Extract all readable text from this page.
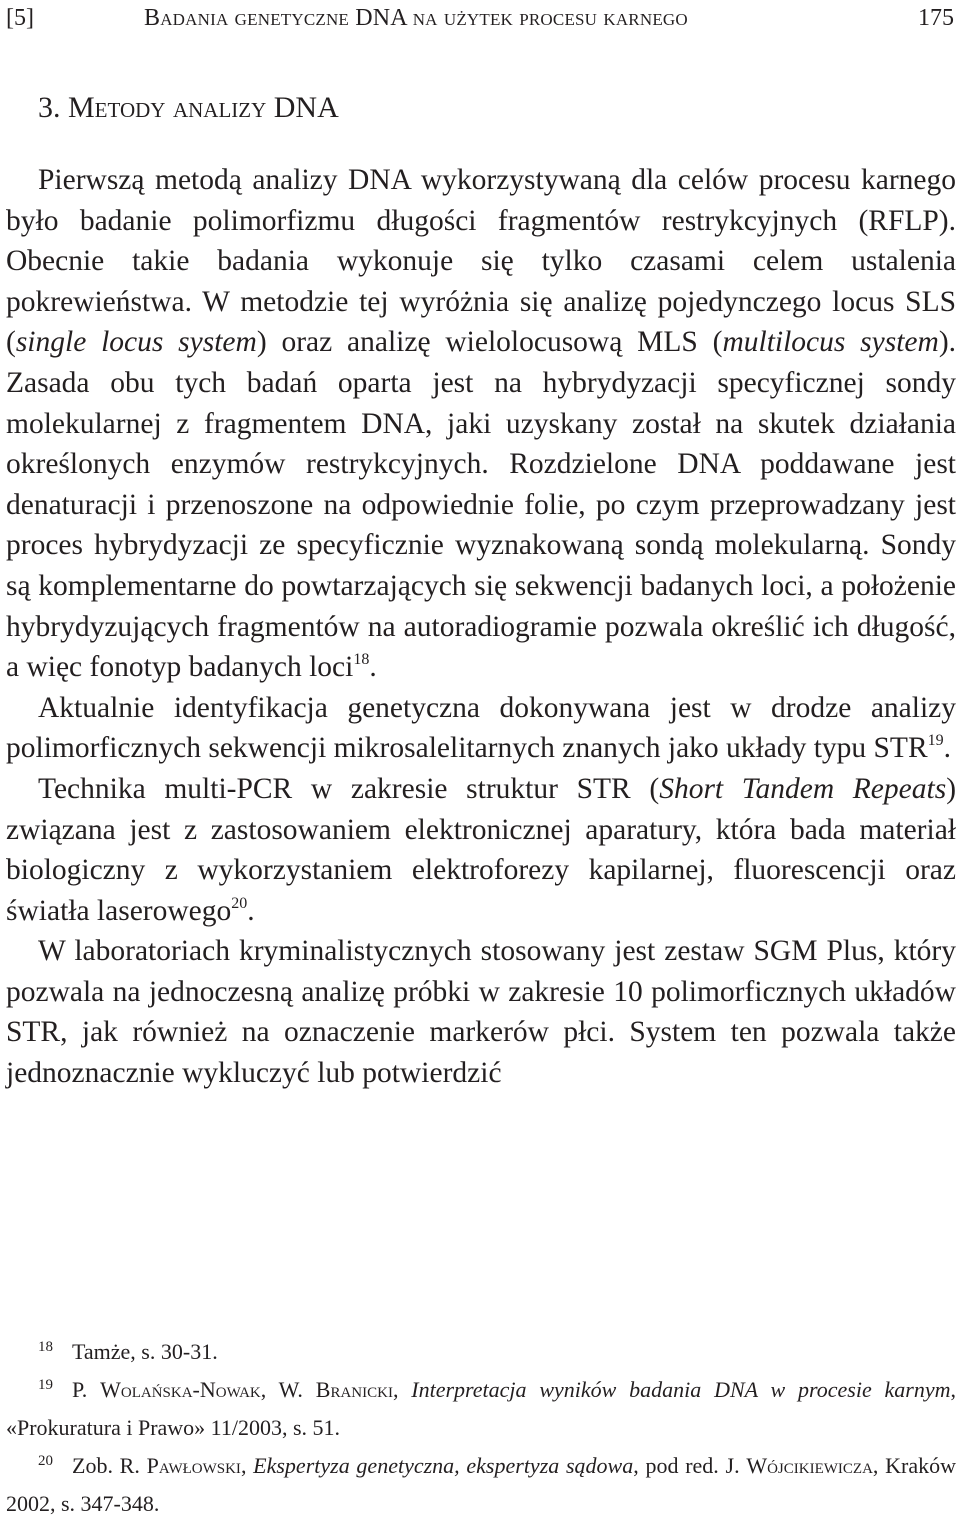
[5]	Badania genetyczne DNA na użytek procesu karnego	175
3. Metody analizy DNA

Pierwszą metodą analizy DNA wykorzystywaną dla celów procesu karnego było badanie polimorfizmu długości fragmentów restrykcyjnych (RFLP). Obecnie takie badania wykonuje się tylko czasami celem ustalenia pokrewieństwa. W metodzie tej wyróżnia się analizę pojedynczego locus SLS (single locus system) oraz analizę wielolocusową MLS (multilocus system). Zasada obu tych badań oparta jest na hybrydyzacji specyficznej sondy molekularnej z fragmentem DNA, jaki uzyskany został na skutek działania określonych enzymów restrykcyjnych. Rozdzielone DNA poddawane jest denaturacji i przenoszone na odpowiednie folie, po czym przeprowadzany jest proces hybrydyzacji ze specyficznie wyznakowaną sondą molekularną. Sondy są komplementarne do powtarzających się sekwencji badanych loci, a położenie hybrydyzujących fragmentów na autoradiogramie pozwala określić ich długość, a więc fonotyp badanych loci$^{18}$.

Aktualnie identyfikacja genetyczna dokonywana jest w drodze analizy polimorficznych sekwencji mikrosalelitarnych znanych jako układy typu STR$^{19}$.

Technika multi-PCR w zakresie struktur STR (Short Tandem Repeats) związana jest z zastosowaniem elektronicznej aparatury, która bada materiał biologiczny z wykorzystaniem elektroforezy kapilarnej, fluorescencji oraz światła laserowego$^{20}$.

W laboratoriach kryminalistycznych stosowany jest zestaw SGM Plus, który pozwala na jednoczesną analizę próbki w zakresie 10 polimorficznych układów STR, jak również na oznaczenie markerów płci. System ten pozwala także jednoznacznie wykluczyć lub potwierdzić

18 Tamże, s. 30-31.

19 P. Wolańska-Nowak, W. Branicki, Interpretacja wyników badania DNA w procesie karnym, «Prokuratura i Prawo» 11/2003, s. 51.

20 Zob. R. Pawłowski, Ekspertyza genetyczna, ekspertyza sądowa, pod red. J. Wójcikiewicza, Kraków 2002, s. 347-348.
